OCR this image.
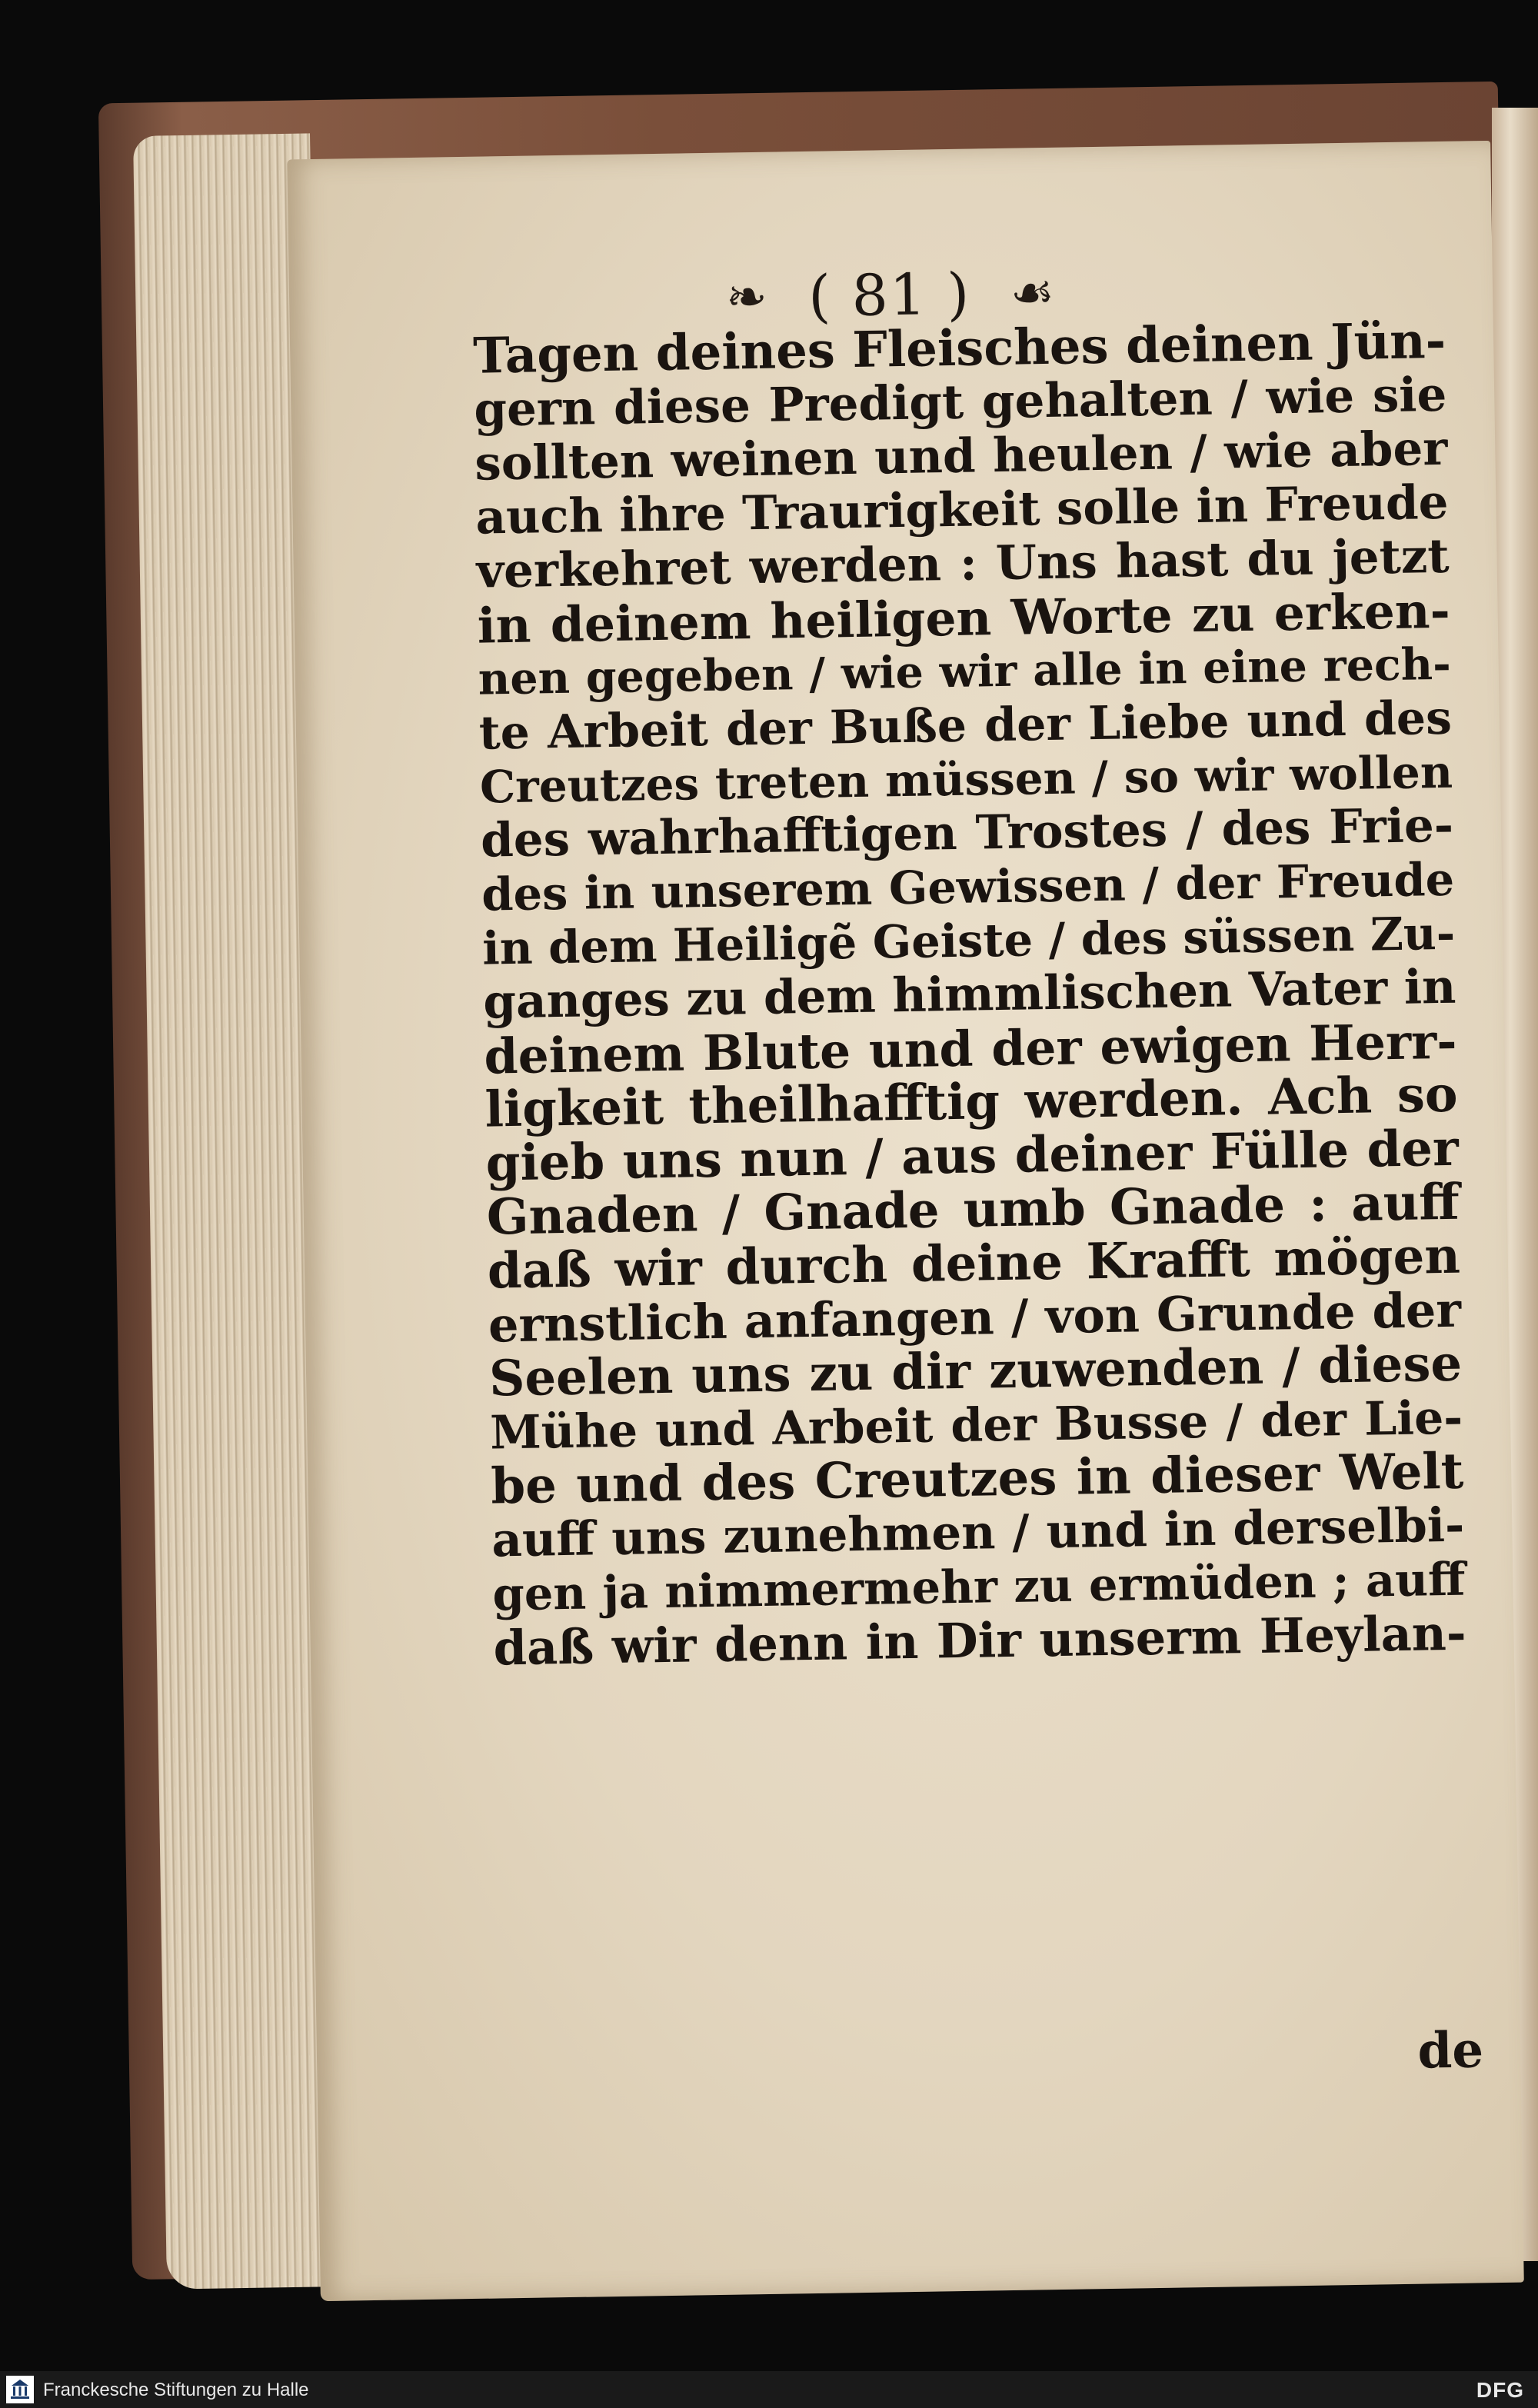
❧ ( 81 ) ☙
Tagen deines Fleisches deinen Jün-
gern diese Predigt gehalten / wie sie
sollten weinen und heulen / wie aber
auch ihre Traurigkeit solle in Freude
verkehret werden : Uns hast du jetzt
in deinem heiligen Worte zu erken-
nen gegeben / wie wir alle in eine rech-
te Arbeit der Buße der Liebe und des
Creutzes treten müssen / so wir wollen
des wahrhafftigen Trostes / des Frie-
des in unserem Gewissen / der Freude
in dem Heiligẽ Geiste / des süssen Zu-
ganges zu dem himmlischen Vater in
deinem Blute und der ewigen Herr-
ligkeit theilhafftig werden. Ach so
gieb uns nun / aus deiner Fülle der
Gnaden / Gnade umb Gnade : auff
daß wir durch deine Krafft mögen
ernstlich anfangen / von Grunde der
Seelen uns zu dir zuwenden / diese
Mühe und Arbeit der Busse / der Lie-
be und des Creutzes in dieser Welt
auff uns zunehmen / und in derselbi-
gen ja nimmermehr zu ermüden ; auff
daß wir denn in Dir unserm Heylan-
de
Franckesche Stiftungen zu Halle	DFG
